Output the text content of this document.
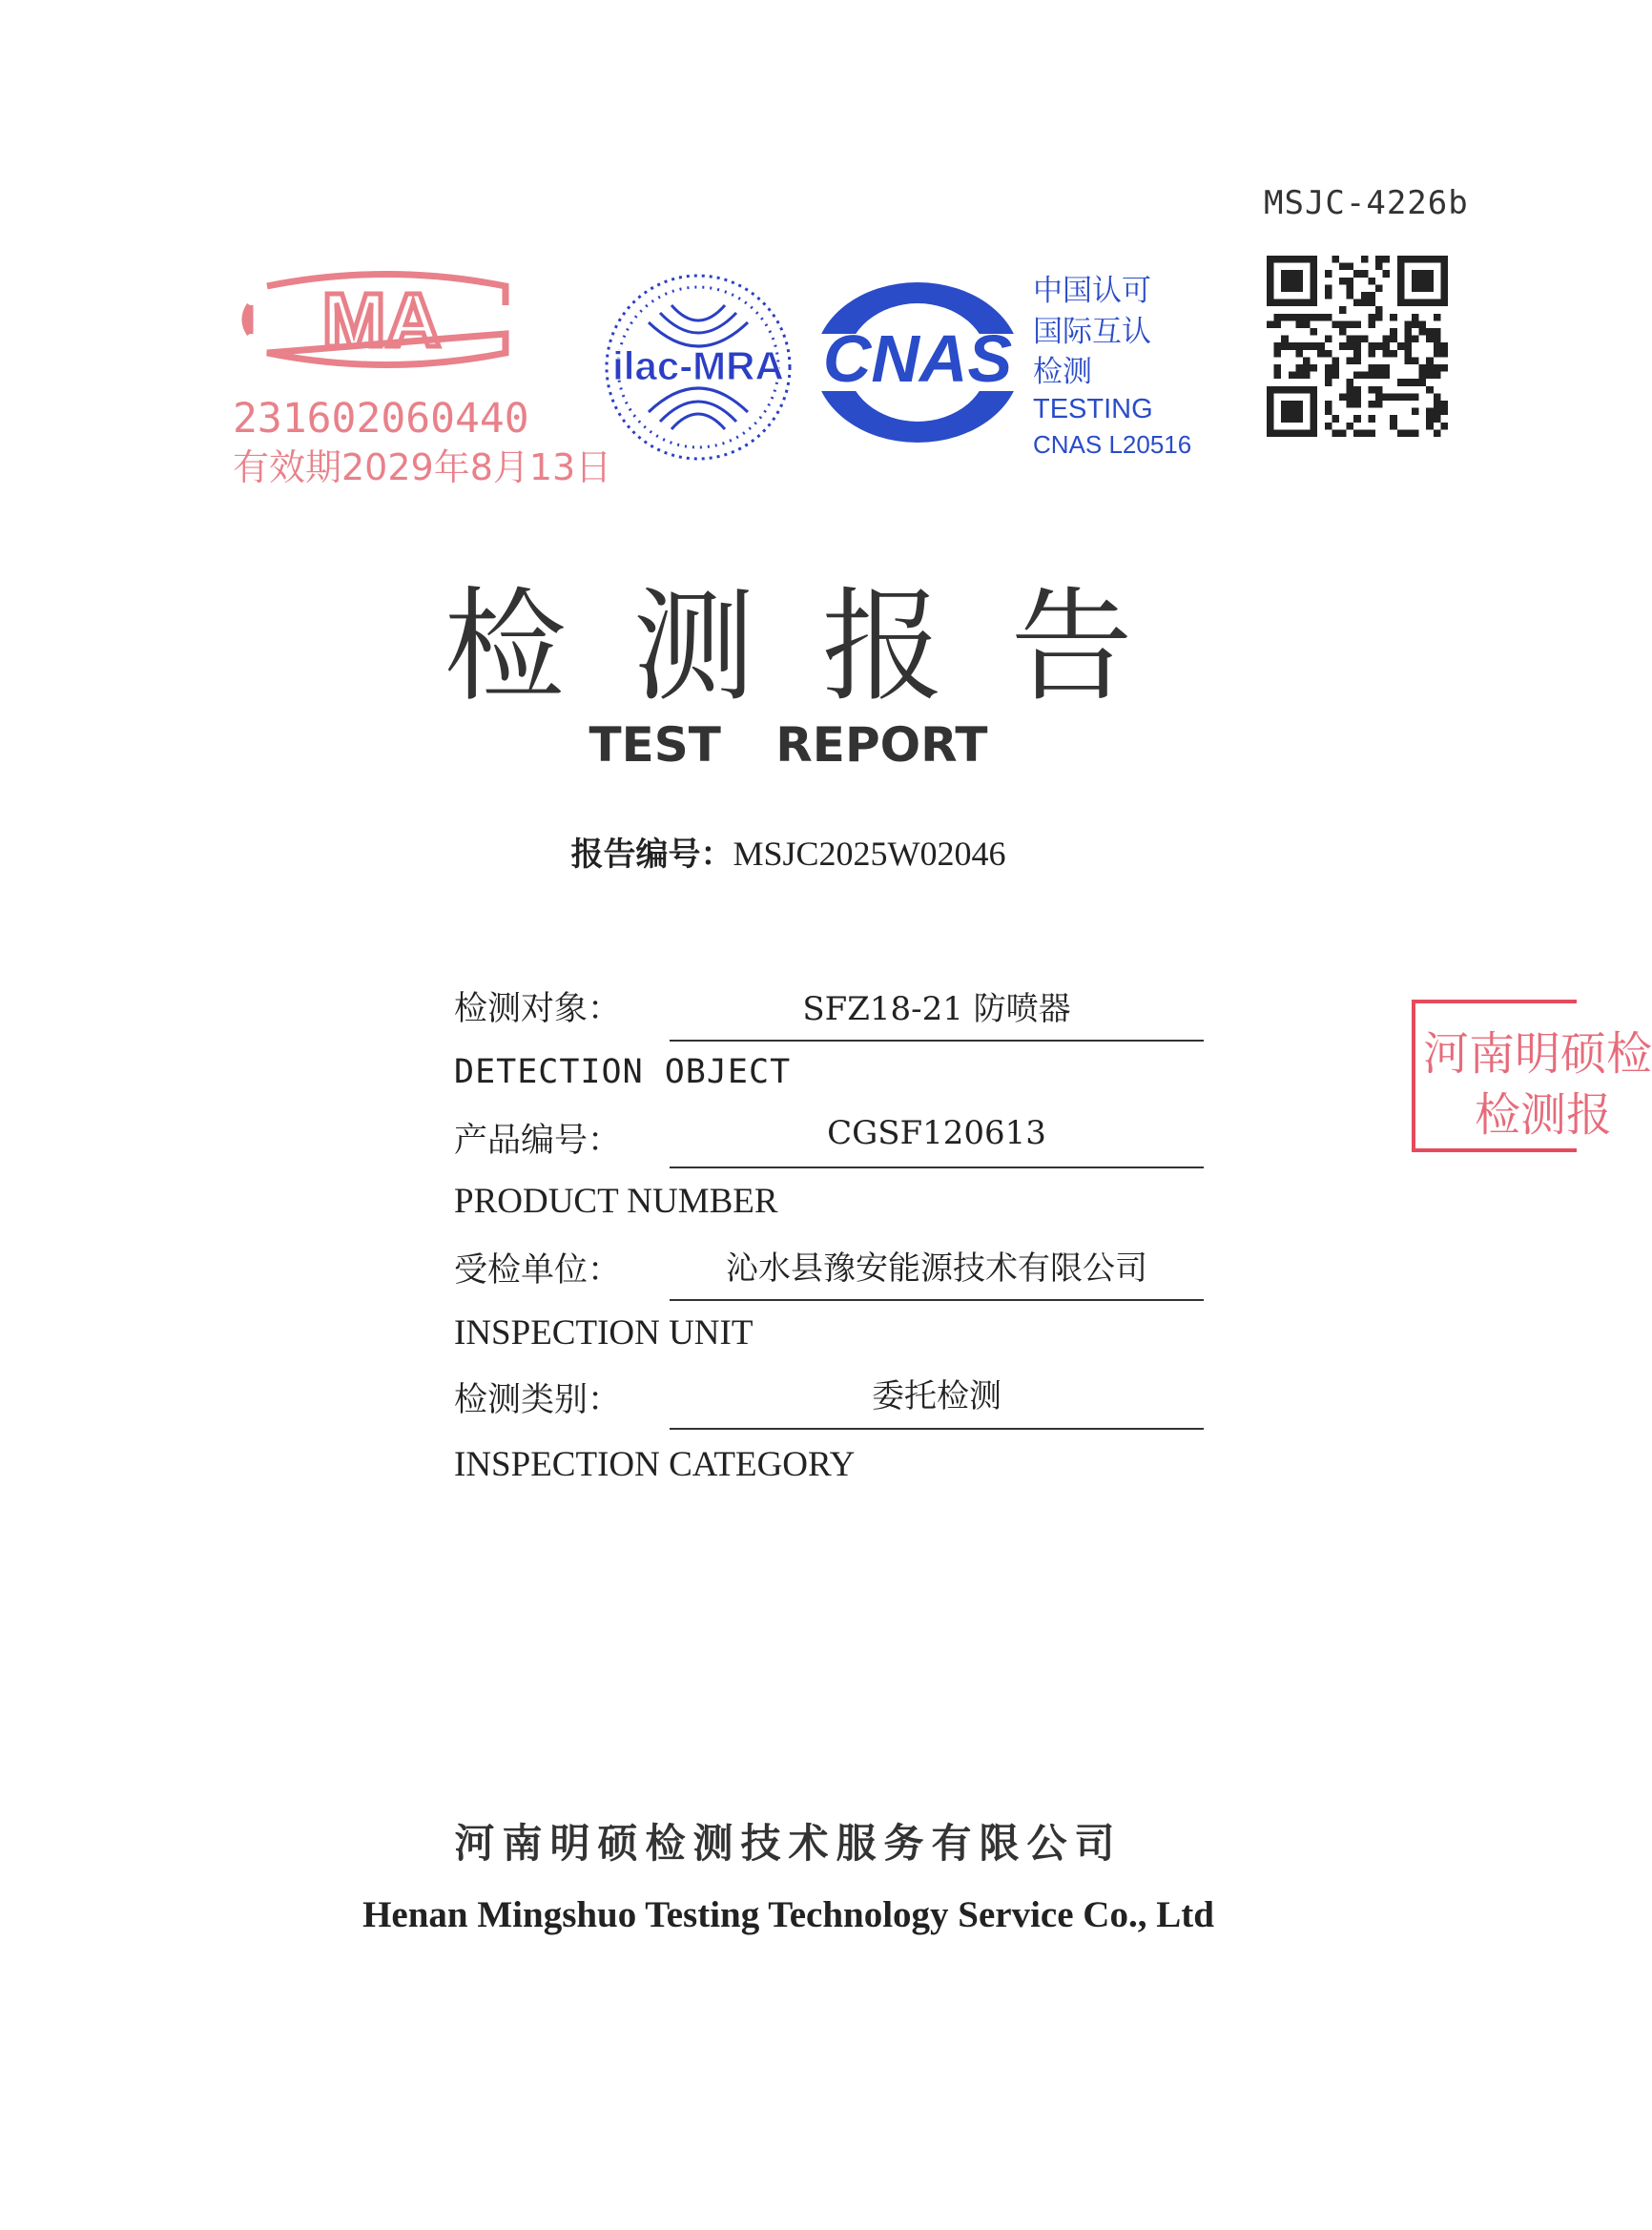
MSJC-4226b
MA
231602060440
有效期2029年8月13日
ilac-MRA CNAS
中国认可
国际互认
检测
TESTING
CNAS L20516
检测报告
TEST REPORT
报告编号：MSJC2025W02046
检测对象：	SFZ18-21 防喷器
DETECTION OBJECT
产品编号：	CGSF120613
PRODUCT NUMBER
受检单位：	沁水县豫安能源技术有限公司
INSPECTION UNIT
检测类别：	委托检测
INSPECTION CATEGORY
河南明硕检
检测报
河南明硕检测技术服务有限公司
Henan Mingshuo Testing Technology Service Co., Ltd
